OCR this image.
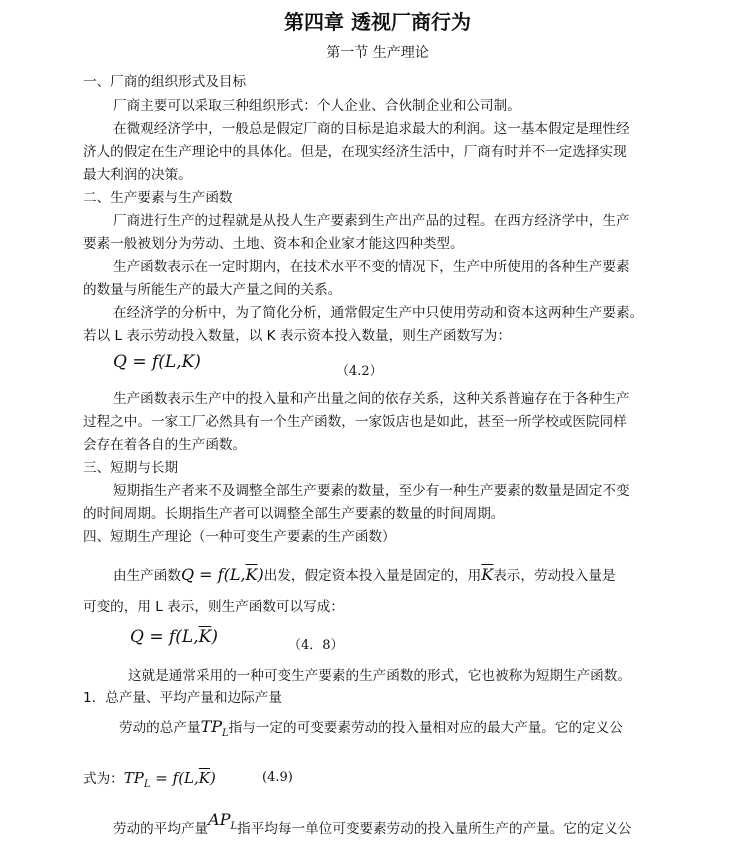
第四章 透视厂商行为
第一节 生产理论
一、厂商的组织形式及目标
厂商主要可以采取三种组织形式：个人企业、合伙制企业和公司制。
在微观经济学中，一般总是假定厂商的目标是追求最大的利润。这一基本假定是理性经
济人的假定在生产理论中的具体化。但是，在现实经济生活中，厂商有时并不一定选择实现
最大利润的决策。
二、生产要素与生产函数
厂商进行生产的过程就是从投人生产要素到生产出产品的过程。在西方经济学中，生产
要素一般被划分为劳动、土地、资本和企业家才能这四种类型。
生产函数表示在一定时期内，在技术水平不变的情况下，生产中所使用的各种生产要素
的数量与所能生产的最大产量之间的关系。
在经济学的分析中，为了简化分析，通常假定生产中只使用劳动和资本这两种生产要素。
若以 L 表示劳动投入数量，以 K 表示资本投入数量，则生产函数写为：
Q = f(L,K)	（4.2）
生产函数表示生产中的投入量和产出量之间的依存关系，这种关系普遍存在于各种生产
过程之中。一家工厂必然具有一个生产函数，一家饭店也是如此，甚至一所学校或医院同样
会存在着各自的生产函数。
三、短期与长期
短期指生产者来不及调整全部生产要素的数量，至少有一种生产要素的数量是固定不变
的时间周期。长期指生产者可以调整全部生产要素的数量的时间周期。
四、短期生产理论（一种可变生产要素的生产函数）
由生产函数$Q = f(L,\overline{K})$出发，假定资本投入量是固定的，用$\overline{K}$表示，劳动投入量是
可变的，用 L 表示，则生产函数可以写成：
$Q = f(L,\overline{K})$	（4．8）
这就是通常采用的一种可变生产要素的生产函数的形式，它也被称为短期生产函数。
1．总产量、平均产量和边际产量
劳动的总产量$TP_L$指与一定的可变要素劳动的投入量相对应的最大产量。它的定义公
式为：$TP_L = f(L,\overline{K})$	(4.9)
劳动的平均产量$AP_L$指平均每一单位可变要素劳动的投入量所生产的产量。它的定义公
